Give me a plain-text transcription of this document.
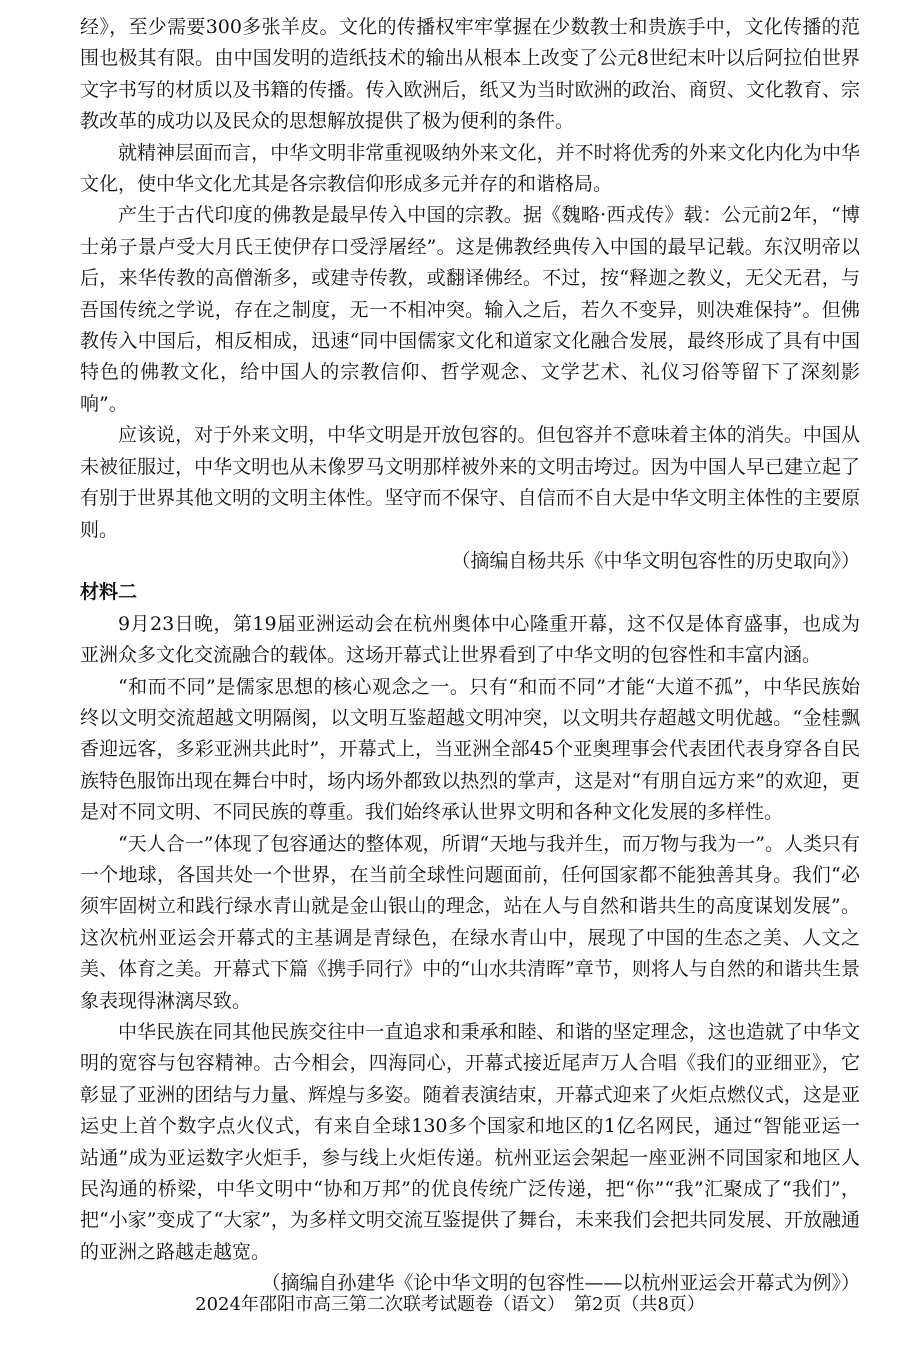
经》，至少需要300多张羊皮。文化的传播权牢牢掌握在少数教士和贵族手中，文化传播的范围也极其有限。由中国发明的造纸技术的输出从根本上改变了公元8世纪末叶以后阿拉伯世界文字书写的材质以及书籍的传播。传入欧洲后，纸又为当时欧洲的政治、商贸、文化教育、宗教改革的成功以及民众的思想解放提供了极为便利的条件。

就精神层面而言，中华文明非常重视吸纳外来文化，并不时将优秀的外来文化内化为中华文化，使中华文化尤其是各宗教信仰形成多元并存的和谐格局。

产生于古代印度的佛教是最早传入中国的宗教。据《魏略·西戎传》载：公元前2年，“博士弟子景卢受大月氏王使伊存口受浮屠经”。这是佛教经典传入中国的最早记载。东汉明帝以后，来华传教的高僧渐多，或建寺传教，或翻译佛经。不过，按“释迦之教义，无父无君，与吾国传统之学说，存在之制度，无一不相冲突。输入之后，若久不变异，则决难保持”。但佛教传入中国后，相反相成，迅速“同中国儒家文化和道家文化融合发展，最终形成了具有中国特色的佛教文化，给中国人的宗教信仰、哲学观念、文学艺术、礼仪习俗等留下了深刻影响”。

应该说，对于外来文明，中华文明是开放包容的。但包容并不意味着主体的消失。中国从未被征服过，中华文明也从未像罗马文明那样被外来的文明击垮过。因为中国人早已建立起了有别于世界其他文明的文明主体性。坚守而不保守、自信而不自大是中华文明主体性的主要原则。

（摘编自杨共乐《中华文明包容性的历史取向》）

材料二

9月23日晚，第19届亚洲运动会在杭州奥体中心隆重开幕，这不仅是体育盛事，也成为亚洲众多文化交流融合的载体。这场开幕式让世界看到了中华文明的包容性和丰富内涵。

“和而不同”是儒家思想的核心观念之一。只有“和而不同”才能“大道不孤”，中华民族始终以文明交流超越文明隔阂，以文明互鉴超越文明冲突，以文明共存超越文明优越。“金桂飘香迎远客，多彩亚洲共此时”，开幕式上，当亚洲全部45个亚奥理事会代表团代表身穿各自民族特色服饰出现在舞台中时，场内场外都致以热烈的掌声，这是对“有朋自远方来”的欢迎，更是对不同文明、不同民族的尊重。我们始终承认世界文明和各种文化发展的多样性。

“天人合一”体现了包容通达的整体观，所谓“天地与我并生，而万物与我为一”。人类只有一个地球，各国共处一个世界，在当前全球性问题面前，任何国家都不能独善其身。我们“必须牢固树立和践行绿水青山就是金山银山的理念，站在人与自然和谐共生的高度谋划发展”。这次杭州亚运会开幕式的主基调是青绿色，在绿水青山中，展现了中国的生态之美、人文之美、体育之美。开幕式下篇《携手同行》中的“山水共清晖”章节，则将人与自然的和谐共生景象表现得淋漓尽致。

中华民族在同其他民族交往中一直追求和秉承和睦、和谐的坚定理念，这也造就了中华文明的宽容与包容精神。古今相会，四海同心，开幕式接近尾声万人合唱《我们的亚细亚》，它彰显了亚洲的团结与力量、辉煌与多姿。随着表演结束，开幕式迎来了火炬点燃仪式，这是亚运史上首个数字点火仪式，有来自全球130多个国家和地区的1亿名网民，通过“智能亚运一站通”成为亚运数字火炬手，参与线上火炬传递。杭州亚运会架起一座亚洲不同国家和地区人民沟通的桥梁，中华文明中“协和万邦”的优良传统广泛传递，把“你”“我”汇聚成了“我们”，把“小家”变成了“大家”，为多样文明交流互鉴提供了舞台，未来我们会把共同发展、开放融通的亚洲之路越走越宽。

（摘编自孙建华《论中华文明的包容性——以杭州亚运会开幕式为例》）

2024年邵阳市高三第二次联考试题卷（语文）　第2页（共8页）
